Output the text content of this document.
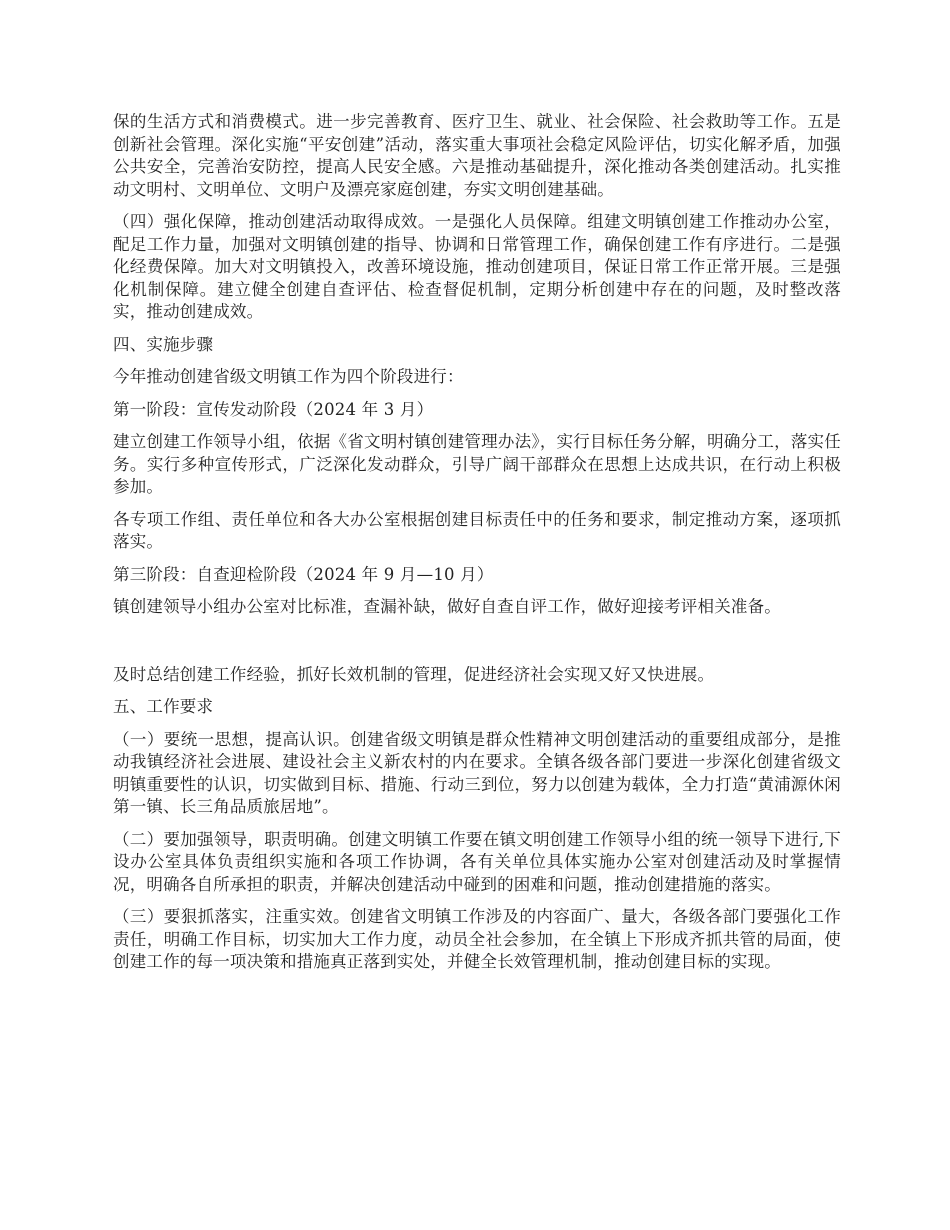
保的生活方式和消费模式。进一步完善教育、医疗卫生、就业、社会保险、社会救助等工作。五是创新社会管理。深化实施“平安创建”活动，落实重大事项社会稳定风险评估，切实化解矛盾，加强公共安全，完善治安防控，提高人民安全感。六是推动基础提升，深化推动各类创建活动。扎实推动文明村、文明单位、文明户及漂亮家庭创建，夯实文明创建基础。

（四）强化保障，推动创建活动取得成效。一是强化人员保障。组建文明镇创建工作推动办公室，配足工作力量，加强对文明镇创建的指导、协调和日常管理工作，确保创建工作有序进行。二是强化经费保障。加大对文明镇投入，改善环境设施，推动创建项目，保证日常工作正常开展。三是强化机制保障。建立健全创建自查评估、检查督促机制，定期分析创建中存在的问题，及时整改落实，推动创建成效。

四、实施步骤

今年推动创建省级文明镇工作为四个阶段进行：

第一阶段：宣传发动阶段（2024 年 3 月）

建立创建工作领导小组，依据《省文明村镇创建管理办法》，实行目标任务分解，明确分工，落实任务。实行多种宣传形式，广泛深化发动群众，引导广阔干部群众在思想上达成共识，在行动上积极参加。

各专项工作组、责任单位和各大办公室根据创建目标责任中的任务和要求，制定推动方案，逐项抓落实。

第三阶段：自查迎检阶段（2024 年 9 月—10 月）

镇创建领导小组办公室对比标准，查漏补缺，做好自查自评工作，做好迎接考评相关准备。

及时总结创建工作经验，抓好长效机制的管理，促进经济社会实现又好又快进展。

五、工作要求

（一）要统一思想，提高认识。创建省级文明镇是群众性精神文明创建活动的重要组成部分，是推动我镇经济社会进展、建设社会主义新农村的内在要求。全镇各级各部门要进一步深化创建省级文明镇重要性的认识，切实做到目标、措施、行动三到位，努力以创建为载体，全力打造“黄浦源休闲第一镇、长三角品质旅居地”。

（二）要加强领导，职责明确。创建文明镇工作要在镇文明创建工作领导小组的统一领导下进行,下设办公室具体负责组织实施和各项工作协调，各有关单位具体实施办公室对创建活动及时掌握情况，明确各自所承担的职责，并解决创建活动中碰到的困难和问题，推动创建措施的落实。

（三）要狠抓落实，注重实效。创建省文明镇工作涉及的内容面广、量大，各级各部门要强化工作责任，明确工作目标，切实加大工作力度，动员全社会参加，在全镇上下形成齐抓共管的局面，使创建工作的每一项决策和措施真正落到实处，并健全长效管理机制，推动创建目标的实现。
